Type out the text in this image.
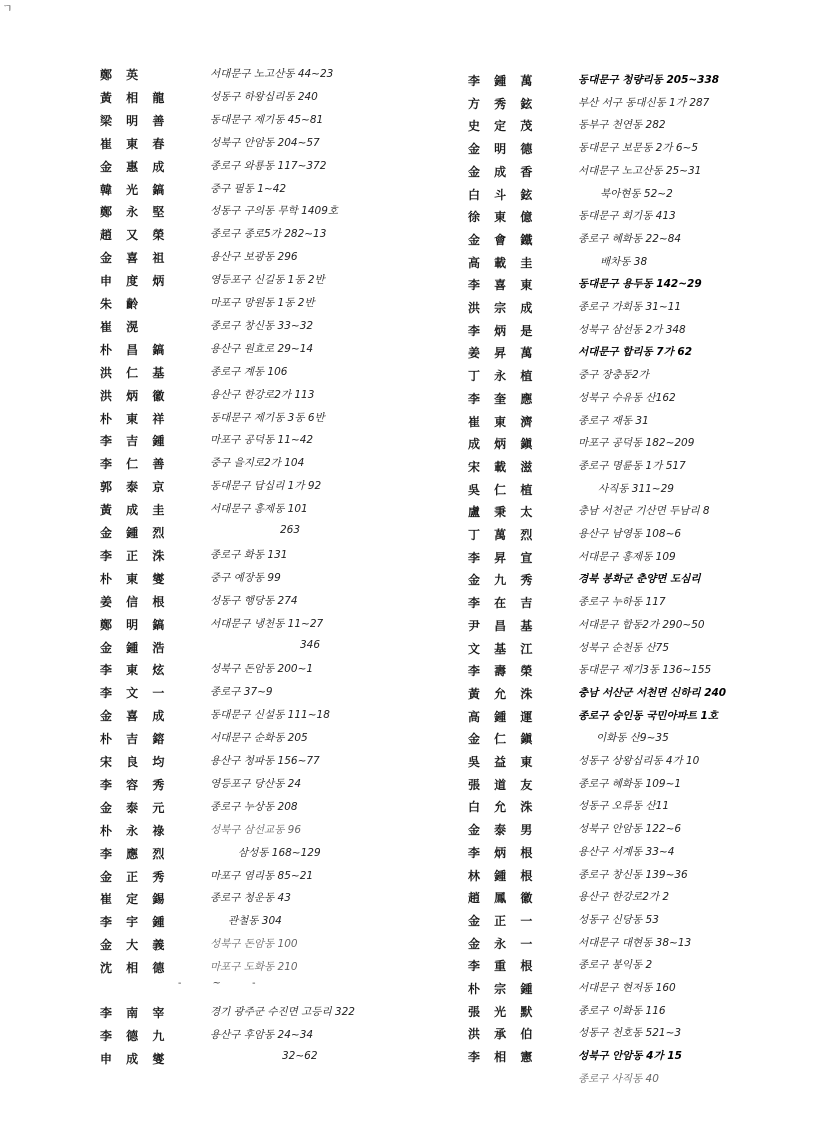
ㄱ
鄭 英	서대문구 노고산동 44~23
黃 相 龍	성동구 하왕십리동 240
梁 明 善	동대문구 제기동 45~81
崔 東 春	성북구 안암동 204~57
金 惠 成	종로구 와룡동 117~372
韓 光 鎬	중구 필동 1~42
鄭 永 堅	성동구 구의동 무학 1409호
趙 又 榮	종로구 종로5가 282~13
金 喜 祖	용산구 보광동 296
申 度 炳	영등포구 신길동 1동 2반
朱 齡	마포구 망원동 1동 2반
崔 滉	종로구 창신동 33~32
朴 昌 鎬	용산구 원효로 29~14
洪 仁 基	종로구 계동 106
洪 炳 徽	용산구 한강로2가 113
朴 東 祥	동대문구 제기동 3동 6반
李 吉 鍾	마포구 공덕동 11~42
李 仁 善	중구 을지로2가 104
郭 泰 京	동대문구 답십리 1가 92
黃 成 圭	서대문구 홍제동 101
金 鍾 烈	263
李 正 洙	종로구 화동 131
朴 東 燮	중구 예장동 99
姜 信 根	성동구 행당동 274
鄭 明 鎬	서대문구 냉천동 11~27
金 鍾 浩	346
李 東 炫	성북구 돈암동 200~1
李 文 一	종로구 37~9
金 喜 成	동대문구 신설동 111~18
朴 吉 鎔	서대문구 순화동 205
宋 良 均	용산구 청파동 156~77
李 容 秀	영등포구 당산동 24
金 泰 元	종로구 누상동 208
朴 永 祿	성북구 삼선교동 96
李 應 烈	삼성동 168~129
金 正 秀	마포구 염리동 85~21
崔 定 錫	종로구 청운동 43
李 宇 鍾	관철동 304
金 大 義	성북구 돈암동 100
沈 相 德	마포구 도화동 210
李 南 宰	경기 광주군 수진면 고등리 322
李 德 九	용산구 후암동 24~34
申 成 燮	32~62
李 鍾 萬	동대문구 청량리동 205~338
方 秀 鉉	부산 서구 동대신동 1가 287
史 定 茂	동부구 천연동 282
金 明 德	동대문구 보문동 2가 6~5
金 成 香	서대문구 노고산동 25~31
白 斗 鉉	북아현동 52~2
徐 東 億	동대문구 회기동 413
金 會 鐵	종로구 혜화동 22~84
高 載 圭	배차동 38
李 喜 東	동대문구 용두동 142~29
洪 宗 成	종로구 가회동 31~11
李 炳 是	성북구 삼선동 2가 348
姜 昇 萬	서대문구 합리동 7가 62
丁 永 植	중구 장충동2가
李 奎 應	성북구 수유동 산162
崔 東 濟	종로구 재동 31
成 炳 鎭	마포구 공덕동 182~209
宋 載 滋	종로구 명륜동 1가 517
吳 仁 植	사직동 311~29
盧 秉 太	충남 서천군 기산면 두남리 8
丁 萬 烈	용산구 남영동 108~6
李 昇 宣	서대문구 홍제동 109
金 九 秀	경북 봉화군 춘양면 도심리
李 在 吉	종로구 누하동 117
尹 昌 基	서대문구 합동2가 290~50
文 基 江	성북구 순천동 산75
李 壽 榮	동대문구 제기3동 136~155
黃 允 洙	충남 서산군 서천면 신하리 240
高 鍾 運	종로구 숭인동 국민아파트 1호
金 仁 鎭	이화동 산9~35
吳 益 東	성동구 상왕십리동 4가 10
張 道 友	종로구 혜화동 109~1
白 允 洙	성동구 오류동 산11
金 泰 男	성북구 안암동 122~6
李 炳 根	용산구 서계동 33~4
林 鍾 根	종로구 창신동 139~36
趙 鳳 徽	용산구 한강로2가 2
金 正 一	성동구 신당동 53
金 永 一	서대문구 대현동 38~13
李 重 根	종로구 봉익동 2
朴 宗 鍾	서대문구 현저동 160
張 光 默	종로구 이화동 116
洪 承 伯	성동구 천호동 521~3
李 相 憲	성북구 안암동 4가 15
종로구 사직동 40
- ~ -
